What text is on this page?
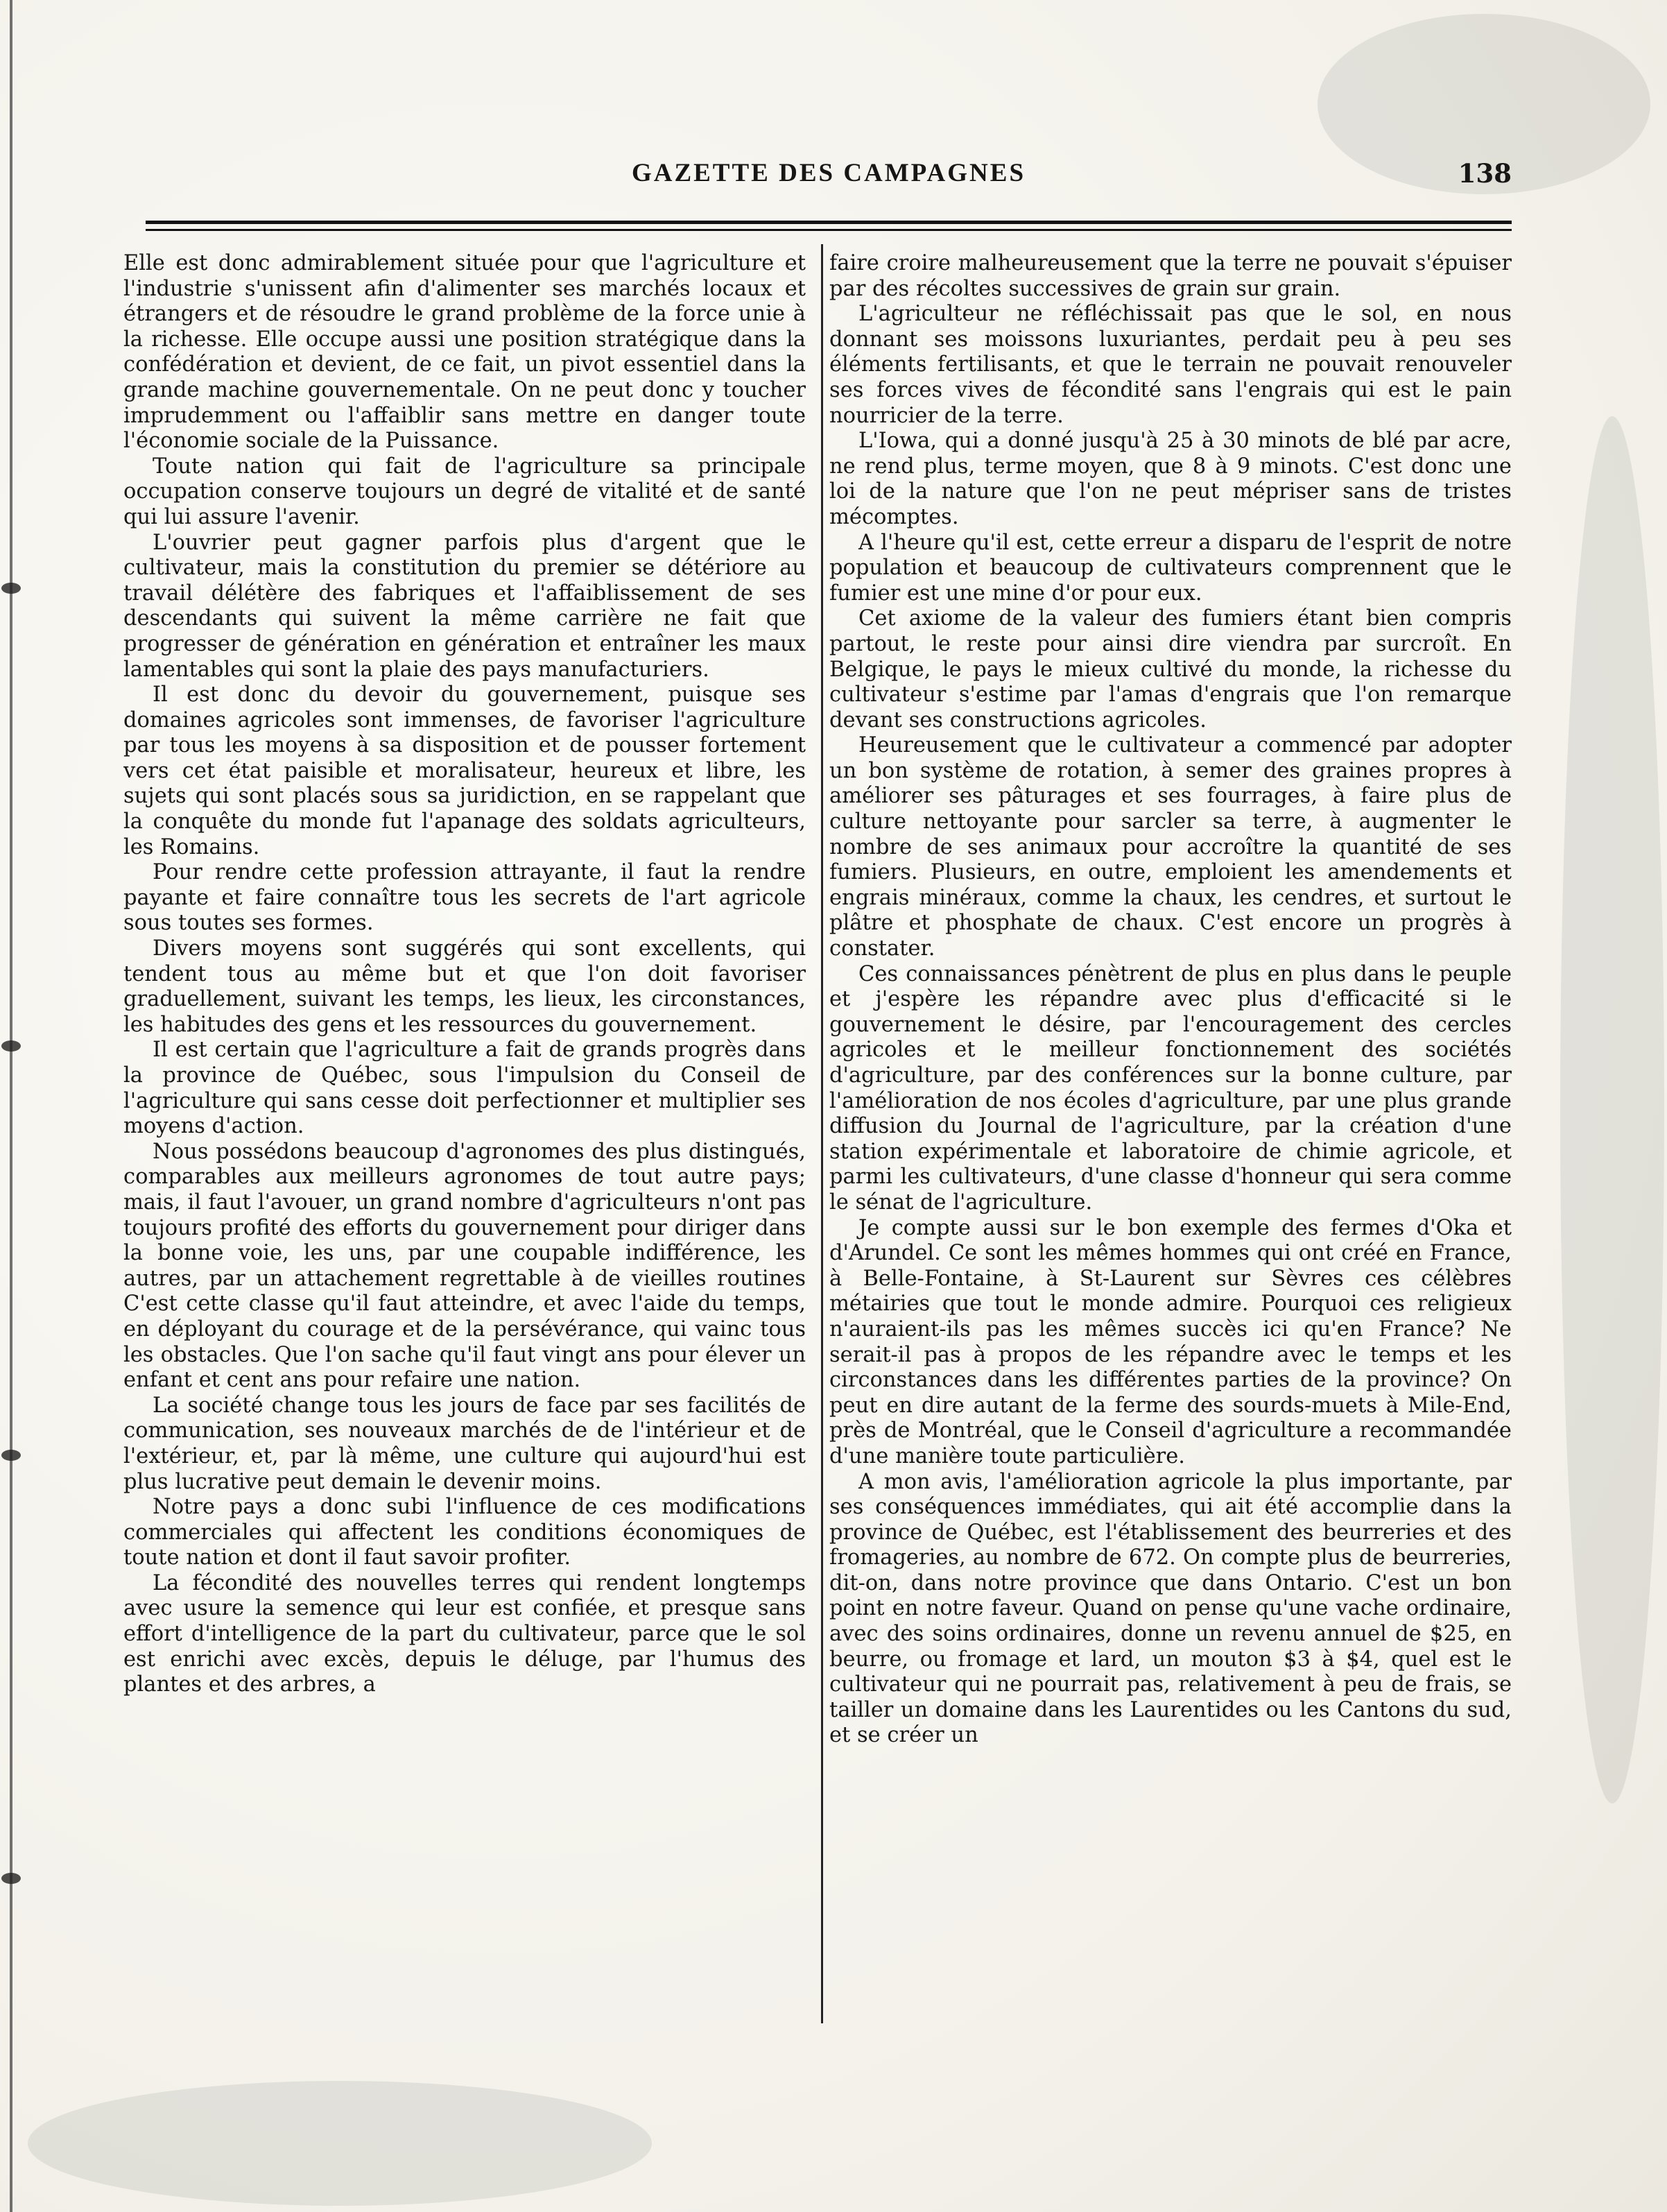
GAZETTE DES CAMPAGNES	138

Elle est donc admirablement située pour que l'agriculture et l'industrie s'unissent afin d'alimenter ses marchés locaux et étrangers et de résoudre le grand problème de la force unie à la richesse. Elle occupe aussi une position stratégique dans la confédération et devient, de ce fait, un pivot essentiel dans la grande machine gouvernementale. On ne peut donc y toucher imprudemment ou l'affaiblir sans mettre en danger toute l'économie sociale de la Puissance.

Toute nation qui fait de l'agriculture sa principale occupation conserve toujours un degré de vitalité et de santé qui lui assure l'avenir.

L'ouvrier peut gagner parfois plus d'argent que le cultivateur, mais la constitution du premier se détériore au travail délétère des fabriques et l'affaiblissement de ses descendants qui suivent la même carrière ne fait que progresser de génération en génération et entraîner les maux lamentables qui sont la plaie des pays manufacturiers.

Il est donc du devoir du gouvernement, puisque ses domaines agricoles sont immenses, de favoriser l'agriculture par tous les moyens à sa disposition et de pousser fortement vers cet état paisible et moralisateur, heureux et libre, les sujets qui sont placés sous sa juridiction, en se rappelant que la conquête du monde fut l'apanage des soldats agriculteurs, les Romains.

Pour rendre cette profession attrayante, il faut la rendre payante et faire connaître tous les secrets de l'art agricole sous toutes ses formes.

Divers moyens sont suggérés qui sont excellents, qui tendent tous au même but et que l'on doit favoriser graduellement, suivant les temps, les lieux, les circonstances, les habitudes des gens et les ressources du gouvernement.

Il est certain que l'agriculture a fait de grands progrès dans la province de Québec, sous l'impulsion du Conseil de l'agriculture qui sans cesse doit perfectionner et multiplier ses moyens d'action.

Nous possédons beaucoup d'agronomes des plus distingués, comparables aux meilleurs agronomes de tout autre pays; mais, il faut l'avouer, un grand nombre d'agriculteurs n'ont pas toujours profité des efforts du gouvernement pour diriger dans la bonne voie, les uns, par une coupable indifférence, les autres, par un attachement regrettable à de vieilles routines C'est cette classe qu'il faut atteindre, et avec l'aide du temps, en déployant du courage et de la persévérance, qui vainc tous les obstacles. Que l'on sache qu'il faut vingt ans pour élever un enfant et cent ans pour refaire une nation.

La société change tous les jours de face par ses facilités de communication, ses nouveaux marchés de de l'intérieur et de l'extérieur, et, par là même, une culture qui aujourd'hui est plus lucrative peut demain le devenir moins.

Notre pays a donc subi l'influence de ces modifications commerciales qui affectent les conditions économiques de toute nation et dont il faut savoir profiter.

La fécondité des nouvelles terres qui rendent longtemps avec usure la semence qui leur est confiée, et presque sans effort d'intelligence de la part du cultivateur, parce que le sol est enrichi avec excès, depuis le déluge, par l'humus des plantes et des arbres, a

faire croire malheureusement que la terre ne pouvait s'épuiser par des récoltes successives de grain sur grain.

L'agriculteur ne réfléchissait pas que le sol, en nous donnant ses moissons luxuriantes, perdait peu à peu ses éléments fertilisants, et que le terrain ne pouvait renouveler ses forces vives de fécondité sans l'engrais qui est le pain nourricier de la terre.

L'Iowa, qui a donné jusqu'à 25 à 30 minots de blé par acre, ne rend plus, terme moyen, que 8 à 9 minots. C'est donc une loi de la nature que l'on ne peut mépriser sans de tristes mécomptes.

A l'heure qu'il est, cette erreur a disparu de l'esprit de notre population et beaucoup de cultivateurs comprennent que le fumier est une mine d'or pour eux.

Cet axiome de la valeur des fumiers étant bien compris partout, le reste pour ainsi dire viendra par surcroît. En Belgique, le pays le mieux cultivé du monde, la richesse du cultivateur s'estime par l'amas d'engrais que l'on remarque devant ses constructions agricoles.

Heureusement que le cultivateur a commencé par adopter un bon système de rotation, à semer des graines propres à améliorer ses pâturages et ses fourrages, à faire plus de culture nettoyante pour sarcler sa terre, à augmenter le nombre de ses animaux pour accroître la quantité de ses fumiers. Plusieurs, en outre, emploient les amendements et engrais minéraux, comme la chaux, les cendres, et surtout le plâtre et phosphate de chaux. C'est encore un progrès à constater.

Ces connaissances pénètrent de plus en plus dans le peuple et j'espère les répandre avec plus d'efficacité si le gouvernement le désire, par l'encouragement des cercles agricoles et le meilleur fonctionnement des sociétés d'agriculture, par des conférences sur la bonne culture, par l'amélioration de nos écoles d'agriculture, par une plus grande diffusion du Journal de l'agriculture, par la création d'une station expérimentale et laboratoire de chimie agricole, et parmi les cultivateurs, d'une classe d'honneur qui sera comme le sénat de l'agriculture.

Je compte aussi sur le bon exemple des fermes d'Oka et d'Arundel. Ce sont les mêmes hommes qui ont créé en France, à Belle-Fontaine, à St-Laurent sur Sèvres ces célèbres métairies que tout le monde admire. Pourquoi ces religieux n'auraient-ils pas les mêmes succès ici qu'en France? Ne serait-il pas à propos de les répandre avec le temps et les circonstances dans les différentes parties de la province? On peut en dire autant de la ferme des sourds-muets à Mile-End, près de Montréal, que le Conseil d'agriculture a recommandée d'une manière toute particulière.

A mon avis, l'amélioration agricole la plus importante, par ses conséquences immédiates, qui ait été accomplie dans la province de Québec, est l'établissement des beurreries et des fromageries, au nombre de 672. On compte plus de beurreries, dit-on, dans notre province que dans Ontario. C'est un bon point en notre faveur. Quand on pense qu'une vache ordinaire, avec des soins ordinaires, donne un revenu annuel de $25, en beurre, ou fromage et lard, un mouton $3 à $4, quel est le cultivateur qui ne pourrait pas, relativement à peu de frais, se tailler un domaine dans les Laurentides ou les Cantons du sud, et se créer un
